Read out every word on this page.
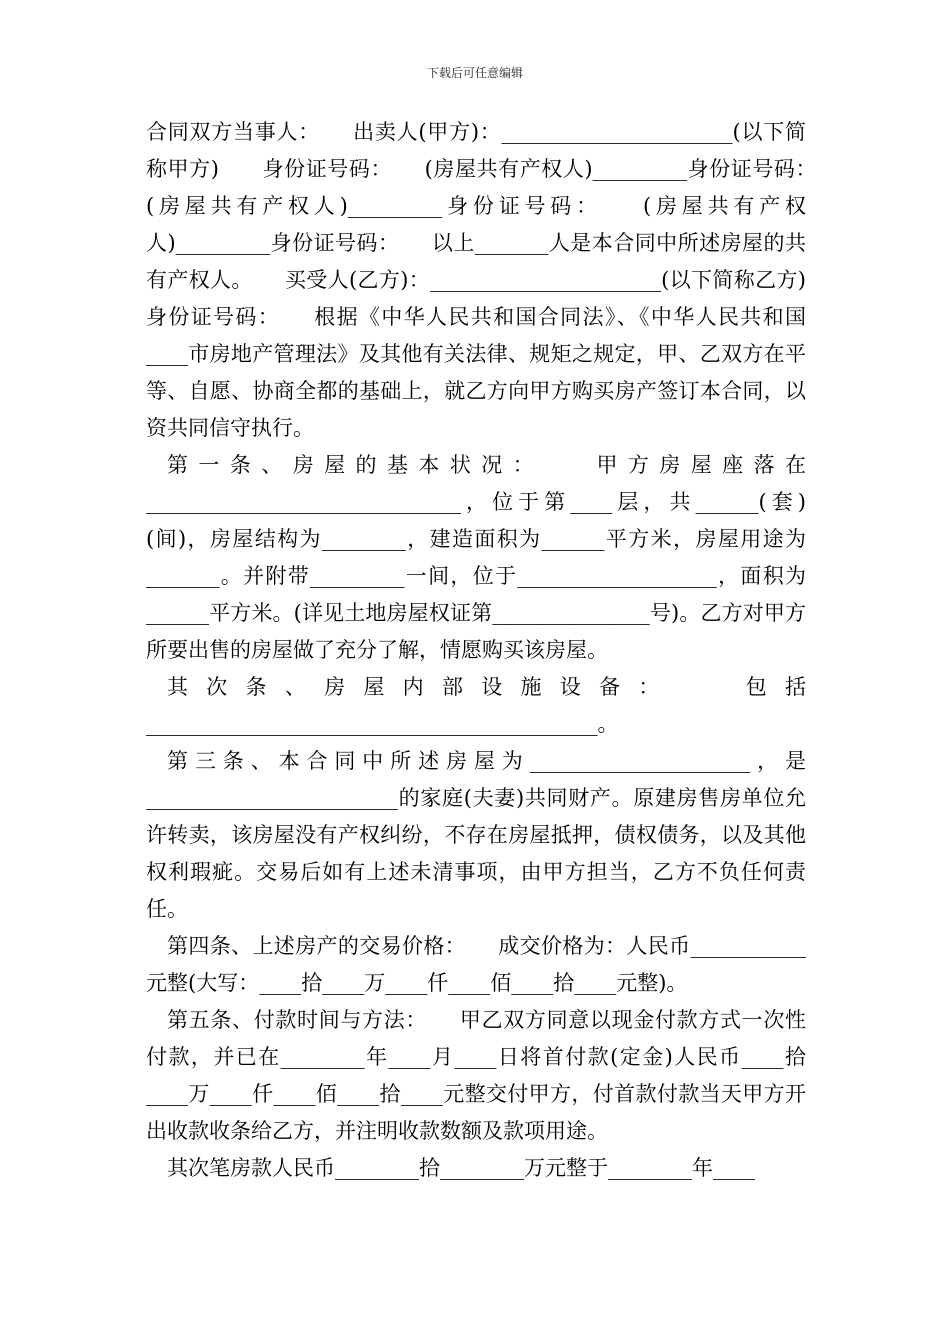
下载后可任意编辑

合同双方当事人：　　出卖人(甲方)：______________________(以下简称甲方)　　身份证号码：　　(房屋共有产权人)_________身份证号码：　　(房屋共有产权人)_________身份证号码：　　(房屋共有产权人)_________身份证号码：　　以上_______人是本合同中所述房屋的共有产权人。　　买受人(乙方)：______________________(以下简称乙方)　　身份证号码：　　根据《中华人民共和国合同法》、《中华人民共和国____市房地产管理法》及其他有关法律、规矩之规定，甲、乙双方在平等、自愿、协商全都的基础上，就乙方向甲方购买房产签订本合同，以资共同信守执行。

第一条、房屋的基本状况：　　甲方房屋座落在______________________________，位于第____层，共______(套)(间)，房屋结构为________，建造面积为______平方米，房屋用途为_______。并附带_________一间，位于___________________，面积为______平方米。(详见土地房屋权证第_______________号)。乙方对甲方所要出售的房屋做了充分了解，情愿购买该房屋。

其次条、房屋内部设施设备：　　包括___________________________________________。

第三条、本合同中所述房屋为_____________________，是________________________的家庭(夫妻)共同财产。原建房售房单位允许转卖，该房屋没有产权纠纷，不存在房屋抵押，债权债务，以及其他权利瑕疵。交易后如有上述未清事项，由甲方担当，乙方不负任何责任。

第四条、上述房产的交易价格：　　成交价格为：人民币___________元整(大写：____拾____万____仟____佰____拾____元整)。

第五条、付款时间与方法：　　甲乙双方同意以现金付款方式一次性付款，并已在________年____月____日将首付款(定金)人民币____拾____万____仟____佰____拾____元整交付甲方，付首款付款当天甲方开出收款收条给乙方，并注明收款数额及款项用途。

其次笔房款人民币________拾________万元整于________年____
